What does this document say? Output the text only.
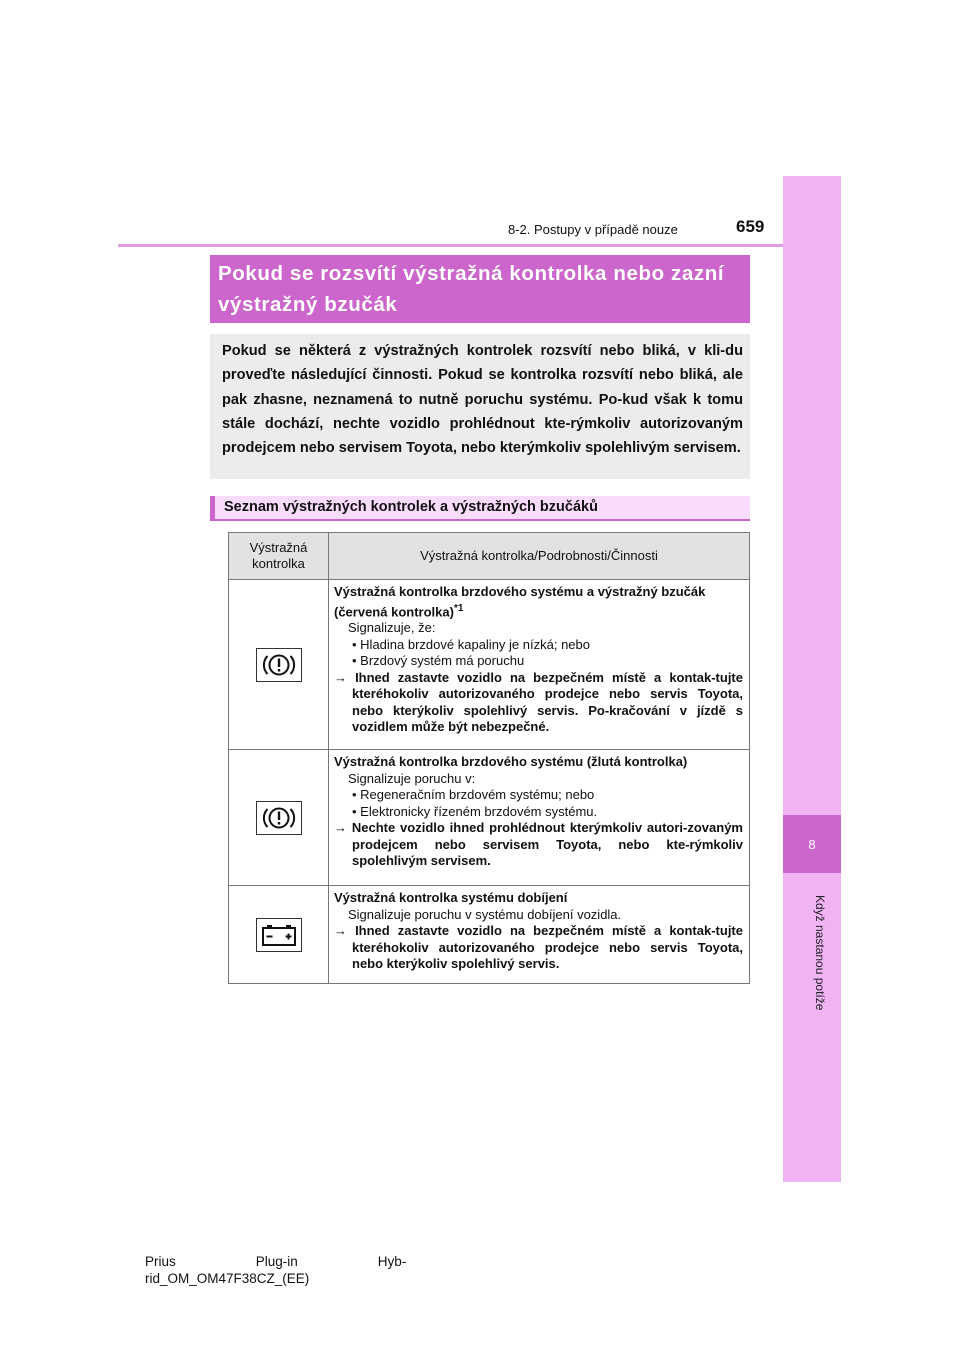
8
Když nastanou potíže
8-2. Postupy v případě nouze	659
Pokud se rozsvítí výstražná kontrolka nebo zazní výstražný bzučák
Pokud se některá z výstražných kontrolek rozsvítí nebo bliká, v kli-du proveďte následující činnosti. Pokud se kontrolka rozsvítí nebo bliká, ale pak zhasne, neznamená to nutně poruchu systému. Po-kud však k tomu stále dochází, nechte vozidlo prohlédnout kte-rýmkoliv autorizovaným prodejcem nebo servisem Toyota, nebo kterýmkoliv spolehlivým servisem.
Seznam výstražných kontrolek a výstražných bzučáků
Výstražná kontrolka	Výstražná kontrolka/Podrobnosti/Činnosti

Výstražná kontrolka brzdového systému a výstražný bzučák (červená kontrolka)$^{*1}$
Signalizuje, že:
• Hladina brzdové kapaliny je nízká; nebo
• Brzdový systém má poruchu
→ Ihned zastavte vozidlo na bezpečném místě a kontak-tujte kteréhokoliv autorizovaného prodejce nebo servis Toyota, nebo kterýkoliv spolehlivý servis. Po-kračování v jízdě s vozidlem může být nebezpečné.

Výstražná kontrolka brzdového systému (žlutá kontrolka)
Signalizuje poruchu v:
• Regeneračním brzdovém systému; nebo
• Elektronicky řízeném brzdovém systému.
→ Nechte vozidlo ihned prohlédnout kterýmkoliv autori-zovaným prodejcem nebo servisem Toyota, nebo kte-rýmkoliv spolehlivým servisem.

Výstražná kontrolka systému dobíjení
Signalizuje poruchu v systému dobíjení vozidla.
→ Ihned zastavte vozidlo na bezpečném místě a kontak-tujte kteréhokoliv autorizovaného prodejce nebo servis Toyota, nebo kterýkoliv spolehlivý servis.
Prius	Plug-in	Hyb-
rid_OM_OM47F38CZ_(EE)
